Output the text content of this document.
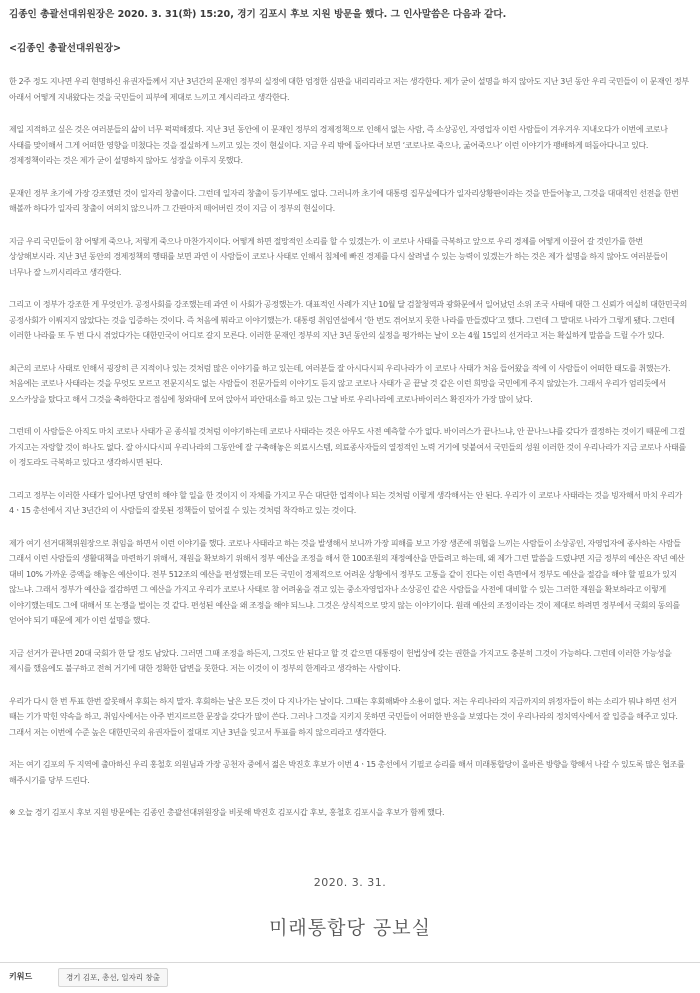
김종인 총괄선대위원장은 2020. 3. 31(화) 15:20, 경기 김포시 후보 지원 방문을 했다. 그 인사말씀은 다음과 같다.
<김종인 총괄선대위원장>

한 2주 정도 지나면 우리 현명하신 유권자들께서 지난 3년간의 문재인 정부의 실정에 대한 엄정한 심판을 내리리라고 저는 생각한다. 제가 굳이 설명을 하지 않아도 지난 3년 동안 우리 국민들이 이 문재인 정부 아래서 어떻게 지내왔다는 것을 국민들이 피부에 제대로 느끼고 계시리라고 생각한다.

제일 지적하고 싶은 것은 여러분들의 삶이 너무 퍽퍽해졌다. 지난 3년 동안에 이 문재인 정부의 경제정책으로 인해서 없는 사람, 즉 소상공인, 자영업자 이런 사람들이 겨우겨우 지내오다가 이번에 코로나 사태를 맞이해서 그게 어떠한 영향을 미쳤다는 것을 절실하게 느끼고 있는 것이 현실이다. 지금 우리 밖에 돌아다녀 보면 ‘코로나로 죽으나, 굶어죽으나’ 이런 이야기가 팽배하게 떠돌아다니고 있다. 경제정책이라는 것은 제가 굳이 설명하지 않아도 성장을 이루지 못했다.

문재인 정부 초기에 가장 강조했던 것이 일자리 창출이다. 그런데 일자리 창출이 등기부에도 없다. 그러니까 초기에 대통령 집무실에다가 일자리상황판이라는 것을 만들어놓고, 그것을 대대적인 선전을 한번 해볼까 하다가 일자리 창출이 여의치 않으니까 그 간판마저 떼어버린 것이 지금 이 정부의 현실이다.

지금 우리 국민들이 참 어떻게 죽으나, 저렇게 죽으나 마찬가지이다. 어떻게 하면 절망적인 소리를 할 수 있겠는가. 이 코로나 사태를 극복하고 앞으로 우리 경제를 어떻게 이끌어 갈 것인가를 한번 상상해보시라. 지난 3년 동안의 경제정책의 행태를 보면 과연 이 사람들이 코로나 사태로 인해서 침체에 빠진 경제를 다시 살려낼 수 있는 능력이 있겠는가 하는 것은 제가 설명을 하지 않아도 여러분들이 너무나 잘 느끼시리라고 생각한다.

그리고 이 정부가 강조한 게 무엇인가. 공정사회를 강조했는데 과연 이 사회가 공정했는가. 대표적인 사례가 지난 10월 달 검찰청역과 광화문에서 일어났던 소위 조국 사태에 대한 그 신뢰가 여실히 대한민국의 공정사회가 이뤄지지 않았다는 것을 입증하는 것이다. 즉 처음에 뭐라고 이야기했는가. 대통령 취임연설에서 ‘한 번도 겪어보지 못한 나라를 만들겠다’고 했다. 그런데 그 말대로 나라가 그렇게 됐다. 그런데 이러한 나라를 또 두 번 다시 겪었다가는 대한민국이 어디로 갈지 모른다. 이러한 문재인 정부의 지난 3년 동안의 실정을 평가하는 날이 오는 4월 15일의 선거라고 저는 확실하게 말씀을 드릴 수가 있다.

최근의 코로나 사태로 인해서 굉장히 큰 지적이나 있는 것처럼 많은 이야기를 하고 있는데, 여러분들 잘 아시다시피 우리나라가 이 코로나 사태가 처음 들어왔을 적에 이 사람들이 어떠한 태도를 취했는가. 처음에는 코로나 사태라는 것을 무엇도 모르고 전문지식도 없는 사람들이 전문가들의 이야기도 듣지 않고 코로나 사태가 곧 끝날 것 같은 이런 희망을 국민에게 주지 않았는가. 그래서 우리가 엄리듯에서 오스카상을 탔다고 해서 그것을 축하한다고 점심에 청와대에 모여 앉아서 파안대소를 하고 있는 그날 바로 우리나라에 코로나바이러스 확진자가 가장 많이 났다.

그런데 이 사람들은 아직도 마치 코로나 사태가 곧 종식될 것처럼 이야기하는데 코로나 사태라는 것은 아무도 사전 예측할 수가 없다. 바이러스가 끝나느냐, 안 끝나느냐를 갖다가 결정하는 것이기 때문에 그걸 가지고는 자랑할 것이 하나도 없다. 잘 아시다시피 우리나라의 그동안에 잘 구축해놓은 의료시스템, 의료종사자들의 열정적인 노력 거기에 덧붙여서 국민들의 성원 이러한 것이 우리나라가 지금 코로나 사태를 이 정도라도 극복하고 있다고 생각하시면 된다.

그리고 정부는 이러한 사태가 일어나면 당연히 해야 할 일을 한 것이지 이 자체를 가지고 무슨 대단한 업적이나 되는 것처럼 이렇게 생각해서는 안 된다. 우리가 이 코로나 사태라는 것을 빙자해서 마치 우리가 4ㆍ15 총선에서 지난 3년간의 이 사람들의 잘못된 정책들이 덮어질 수 있는 것처럼 착각하고 있는 것이다.

제가 여기 선거대책위원장으로 취임을 하면서 이런 이야기를 했다. 코로나 사태라고 하는 것을 발생해서 보니까 가장 피해를 보고 가장 생존에 위협을 느끼는 사람들이 소상공인, 자영업자에 종사하는 사람들 그래서 이런 사람들의 생활대책을 마련하기 위해서, 재원을 확보하기 위해서 정부 예산을 조정을 해서 한 100조원의 재정예산을 만들려고 하는데, 왜 제가 그런 말씀을 드렸냐면 지금 정부의 예산은 작년 예산 대비 10% 가까운 증액을 해놓은 예산이다. 전부 512조의 예산을 편성했는데 모든 국민이 경제적으로 어려운 상황에서 정부도 고통을 같이 진다는 이런 측면에서 정부도 예산을 절감을 해야 할 필요가 있지 않느냐. 그래서 정부가 예산을 절감하면 그 예산을 가지고 우리가 코로나 사태로 참 어려움을 겪고 있는 중소자영업자나 소상공인 같은 사람들을 사전에 대비할 수 있는 그러한 재원을 확보하라고 이렇게 이야기했는데도 그에 대해서 또 논쟁을 벌이는 것 같다. 편성된 예산을 왜 조정을 해야 되느냐. 그것은 상식적으로 맞지 않는 이야기이다. 원래 예산의 조정이라는 것이 제대로 하려면 정부에서 국회의 동의를 얻어야 되기 때문에 제가 이런 설명을 했다.

지금 선거가 끝나면 20대 국회가 한 달 정도 남았다. 그러면 그때 조정을 하든지, 그것도 안 된다고 할 것 같으면 대통령이 헌법상에 갖는 권한을 가지고도 충분히 그것이 가능하다. 그런데 이러한 가능성을 제시를 했음에도 불구하고 전혀 거기에 대한 정확한 답변을 못한다. 저는 이것이 이 정부의 한계라고 생각하는 사람이다.

우리가 다시 한 번 투표 한번 잘못해서 후회는 하지 말자. 후회하는 날은 모든 것이 다 지나가는 날이다. 그때는 후회해봐야 소용이 없다. 저는 우리나라의 지금까지의 위정자들이 하는 소리가 뭐냐 하면 선거 때는 기가 막힌 약속을 하고, 취임사에서는 아주 번지르르한 문장을 갖다가 많이 쓴다. 그러나 그것을 지키지 못하면 국민들이 어떠한 반응을 보였다는 것이 우리나라의 정치역사에서 잘 입증을 해주고 있다. 그래서 저는 이번에 수준 높은 대한민국의 유권자들이 절대로 지난 3년을 잊고서 투표를 하지 않으리라고 생각한다.

저는 여기 김포의 두 지역에 출마하신 우리 홍철호 의원님과 가장 공천자 중에서 젊은 박진호 후보가 이번 4ㆍ15 총선에서 기필코 승리를 해서 미래통합당이 올바른 방향을 향해서 나갈 수 있도록 많은 협조를 해주시기를 당부 드린다.

※ 오늘 경기 김포시 후보 지원 방문에는 김종인 총괄선대위원장을 비롯해 박진호 김포시갑 후보, 홍철호 김포시을 후보가 함께 했다.

2020. 3. 31.
미래통합당 공보실
키워드	경기 김포, 총선, 일자리 창출
